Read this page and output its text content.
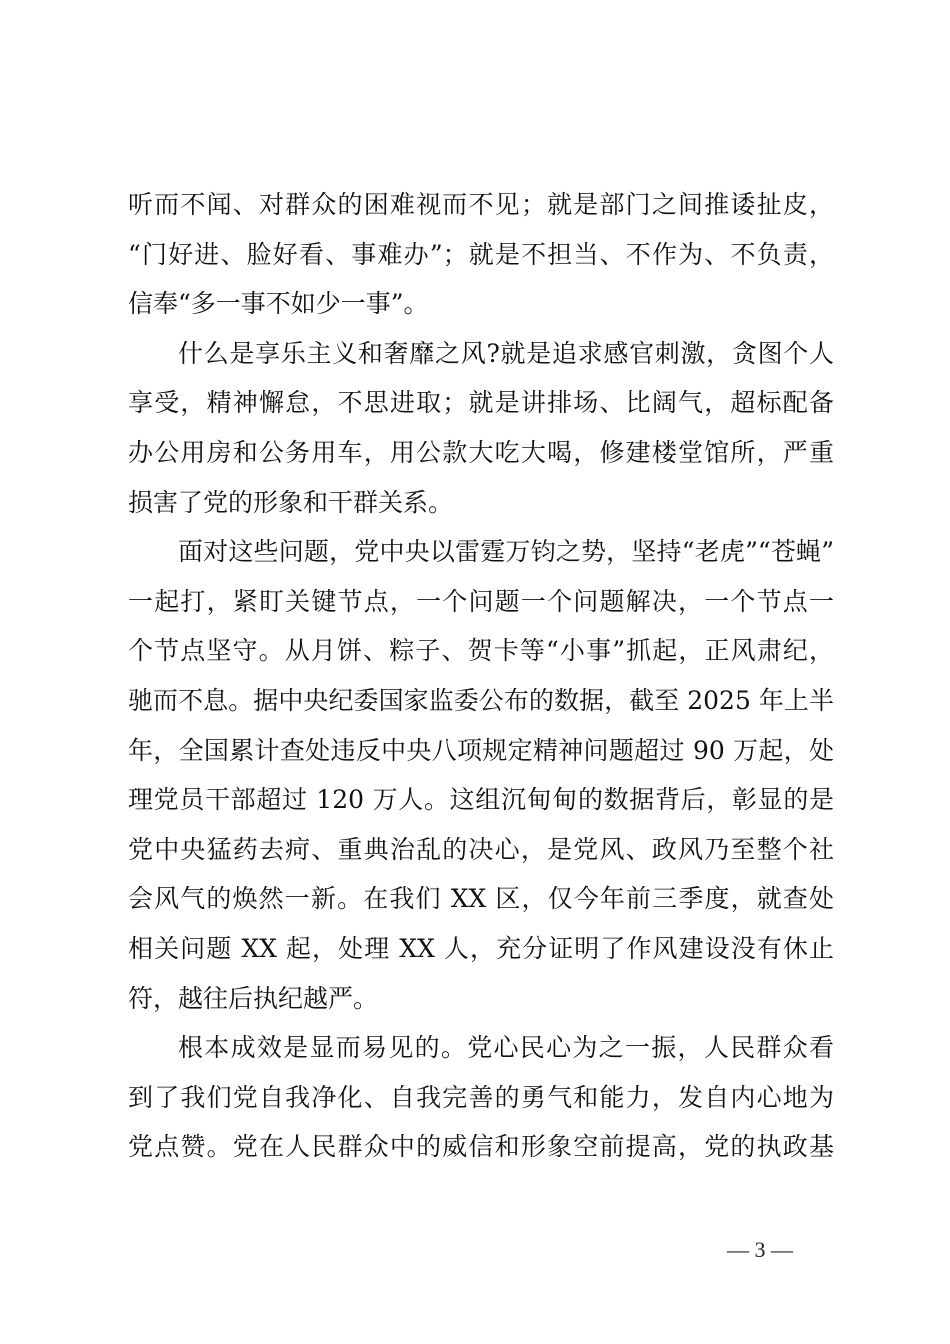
听而不闻、对群众的困难视而不见；就是部门之间推诿扯皮，
“门好进、脸好看、事难办”；就是不担当、不作为、不负责，
信奉“多一事不如少一事”。
什么是享乐主义和奢靡之风?就是追求感官刺激，贪图个人
享受，精神懈怠，不思进取；就是讲排场、比阔气，超标配备
办公用房和公务用车，用公款大吃大喝，修建楼堂馆所，严重
损害了党的形象和干群关系。
面对这些问题，党中央以雷霆万钧之势，坚持“老虎”“苍蝇”
一起打，紧盯关键节点，一个问题一个问题解决，一个节点一
个节点坚守。从月饼、粽子、贺卡等“小事”抓起，正风肃纪，
驰而不息。据中央纪委国家监委公布的数据，截至 2025 年上半
年，全国累计查处违反中央八项规定精神问题超过 90 万起，处
理党员干部超过 120 万人。这组沉甸甸的数据背后，彰显的是
党中央猛药去疴、重典治乱的决心，是党风、政风乃至整个社
会风气的焕然一新。在我们 XX 区，仅今年前三季度，就查处
相关问题 XX 起，处理 XX 人，充分证明了作风建设没有休止
符，越往后执纪越严。
根本成效是显而易见的。党心民心为之一振，人民群众看
到了我们党自我净化、自我完善的勇气和能力，发自内心地为
党点赞。党在人民群众中的威信和形象空前提高，党的执政基
— 3 —
